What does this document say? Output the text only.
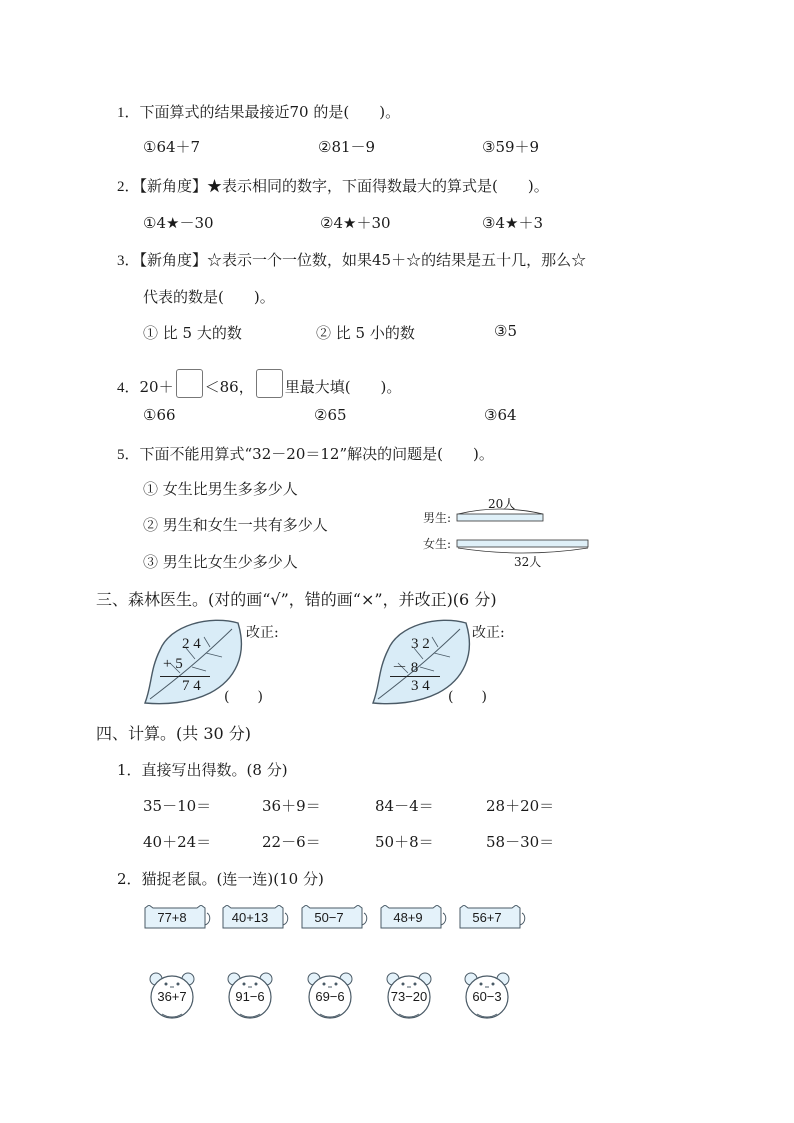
1．下面算式的结果最接近70 的是(　　)。
①64＋7	②81－9	③59＋9
2．【新角度】★表示相同的数字，下面得数最大的算式是(　　)。
①4★－30	②4★＋30	③4★＋3
3．【新角度】☆表示一个一位数，如果45＋☆的结果是五十几，那么☆
代表的数是(　　)。
① 比 5 大的数	② 比 5 小的数	③5
4．20＋ ＜86， 里最大填(　　)。
①66	②65	③64
5．下面不能用算式“32－20＝12”解决的问题是(　　)。
① 女生比男生多多少人
② 男生和女生一共有多少人
③ 男生比女生少多少人
男生:
女生:
20人
32人
三、森林医生。(对的画“√”，错的画“×”，并改正)(6 分)
2 4
+ 5
7 4
改正:
(　　)
3 2
－ 8
3 4
改正:
(　　)
四、计算。(共 30 分)
1．直接写出得数。(8 分)
35－10＝	36＋9＝	84－4＝	28＋20＝
40＋24＝	22－6＝	50＋8＝	58－30＝
2．猫捉老鼠。(连一连)(10 分)
77+8	40+13	50−7	48+9	56+7
36+7	91−6	69−6	73−20	60−3
